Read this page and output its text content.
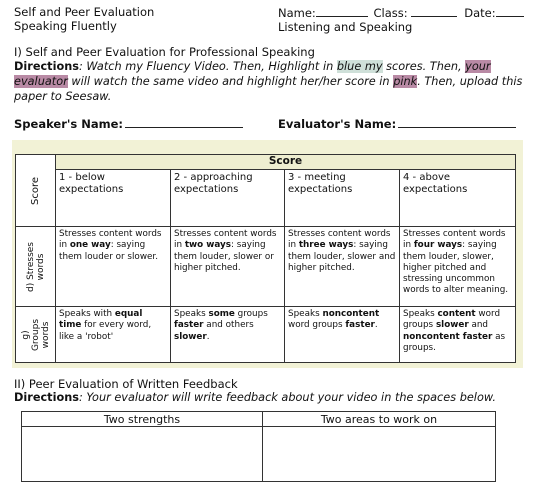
Self and Peer Evaluation
Speaking Fluently
Name:	Class:	Date:
Listening and Speaking
I) Self and Peer Evaluation for Professional Speaking
Directions: Watch my Fluency Video. Then, Highlight in blue my scores. Then, your evaluator will watch the same video and highlight her/her score in pink. Then, upload this paper to Seesaw.
Speaker's Name:	Evaluator's Name:
Score	Score			
	1 - below expectations	2 - approaching expectations	3 - meeting expectations	4 - above expectations

d) Stresses words	Stresses content words in one way: saying them louder or slower.	Stresses content words in two ways: saying them louder, slower or higher pitched.	Stresses content words in three ways: saying them louder, slower and higher pitched.	Stresses content words in four ways: saying them louder, slower, higher pitched and stressing uncommon words to alter meaning.

g) Groups words	Speaks with equal time for every word, like a 'robot'	Speaks some groups faster and others slower.	Speaks noncontent word groups faster.	Speaks content word groups slower and noncontent faster as groups.
II) Peer Evaluation of Written Feedback
Directions: Your evaluator will write feedback about your video in the spaces below.
Two strengths	Two areas to work on
